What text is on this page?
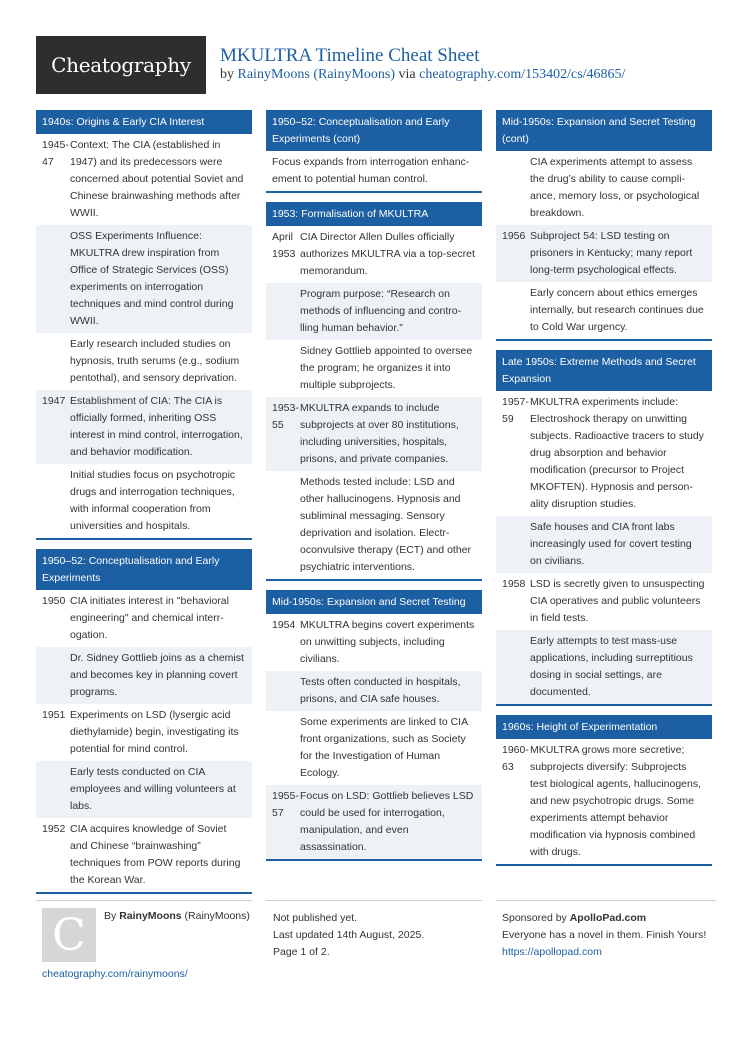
Cheatography	MKULTRA Timeline Cheat Sheet
by RainyMoons (RainyMoons) via cheatography.com/153402/cs/46865/
1940s: Origins & Early CIA Interest
1945-47
Context: The CIA (established in 1947) and its predecessors were concerned about potential Soviet and Chinese brainwashing methods after WWII.
OSS Experiments Influence: MKULTRA drew inspiration from Office of Strategic Services (OSS) experiments on interrogation techniques and mind control during WWII.
Early research included studies on hypnosis, truth serums (e.g., sodium pentothal), and sensory deprivation.
1947 Establishment of CIA: The CIA is officially formed, inheriting OSS interest in mind control, interrogation, and behavior modification.
Initial studies focus on psychotropic drugs and interrogation techniques, with informal cooperation from universities and hospitals.
1950–52: Conceptualisation and Early Experiments
1950 CIA initiates interest in "behavioral engineering" and chemical interrogation.
Dr. Sidney Gottlieb joins as a chemist and becomes key in planning covert programs.
1951 Experiments on LSD (lysergic acid diethylamide) begin, investigating its potential for mind control.
Early tests conducted on CIA employees and willing volunteers at labs.
1952 CIA acquires knowledge of Soviet and Chinese “brainwashing” techniques from POW reports during the Korean War.
1950–52: Conceptualisation and Early Experiments (cont)
Focus expands from interrogation enhancement to potential human control.
1953: Formalisation of MKULTRA
April 1953
CIA Director Allen Dulles officially authorizes MKULTRA via a top-secret memorandum.
Program purpose: “Research on methods of influencing and controlling human behavior.”
Sidney Gottlieb appointed to oversee the program; he organizes it into multiple subprojects.
1953-55
MKULTRA expands to include subprojects at over 80 institutions, including universities, hospitals, prisons, and private companies.
Methods tested include: LSD and other hallucinogens. Hypnosis and subliminal messaging. Sensory deprivation and isolation. Electroconvulsive therapy (ECT) and other psychiatric interventions.
Mid-1950s: Expansion and Secret Testing
1954 MKULTRA begins covert experiments on unwitting subjects, including civilians.
Tests often conducted in hospitals, prisons, and CIA safe houses.
Some experiments are linked to CIA front organizations, such as Society for the Investigation of Human Ecology.
1955-57
Focus on LSD: Gottlieb believes LSD could be used for interrogation, manipulation, and even assassination.
Mid-1950s: Expansion and Secret Testing (cont)
CIA experiments attempt to assess the drug’s ability to cause compliance, memory loss, or psychological breakdown.
1956 Subproject 54: LSD testing on prisoners in Kentucky; many report long-term psychological effects.
Early concern about ethics emerges internally, but research continues due to Cold War urgency.
Late 1950s: Extreme Methods and Secret Expansion
1957-59
MKULTRA experiments include: Electroshock therapy on unwitting subjects. Radioactive tracers to study drug absorption and behavior modification (precursor to Project MKOFTEN). Hypnosis and personality disruption studies.
Safe houses and CIA front labs increasingly used for covert testing on civilians.
1958 LSD is secretly given to unsuspecting CIA operatives and public volunteers in field tests.
Early attempts to test mass-use applications, including surreptitious dosing in social settings, are documented.
1960s: Height of Experimentation
1960-63
MKULTRA grows more secretive; subprojects diversify: Subprojects test biological agents, hallucinogens, and new psychotropic drugs. Some experiments attempt behavior modification via hypnosis combined with drugs.
C	By RainyMoons (RainyMoons)
cheatography.com/rainymoons/
Not published yet.
Last updated 14th August, 2025.
Page 1 of 2.
Sponsored by ApolloPad.com
Everyone has a novel in them. Finish Yours!
https://apollopad.com
